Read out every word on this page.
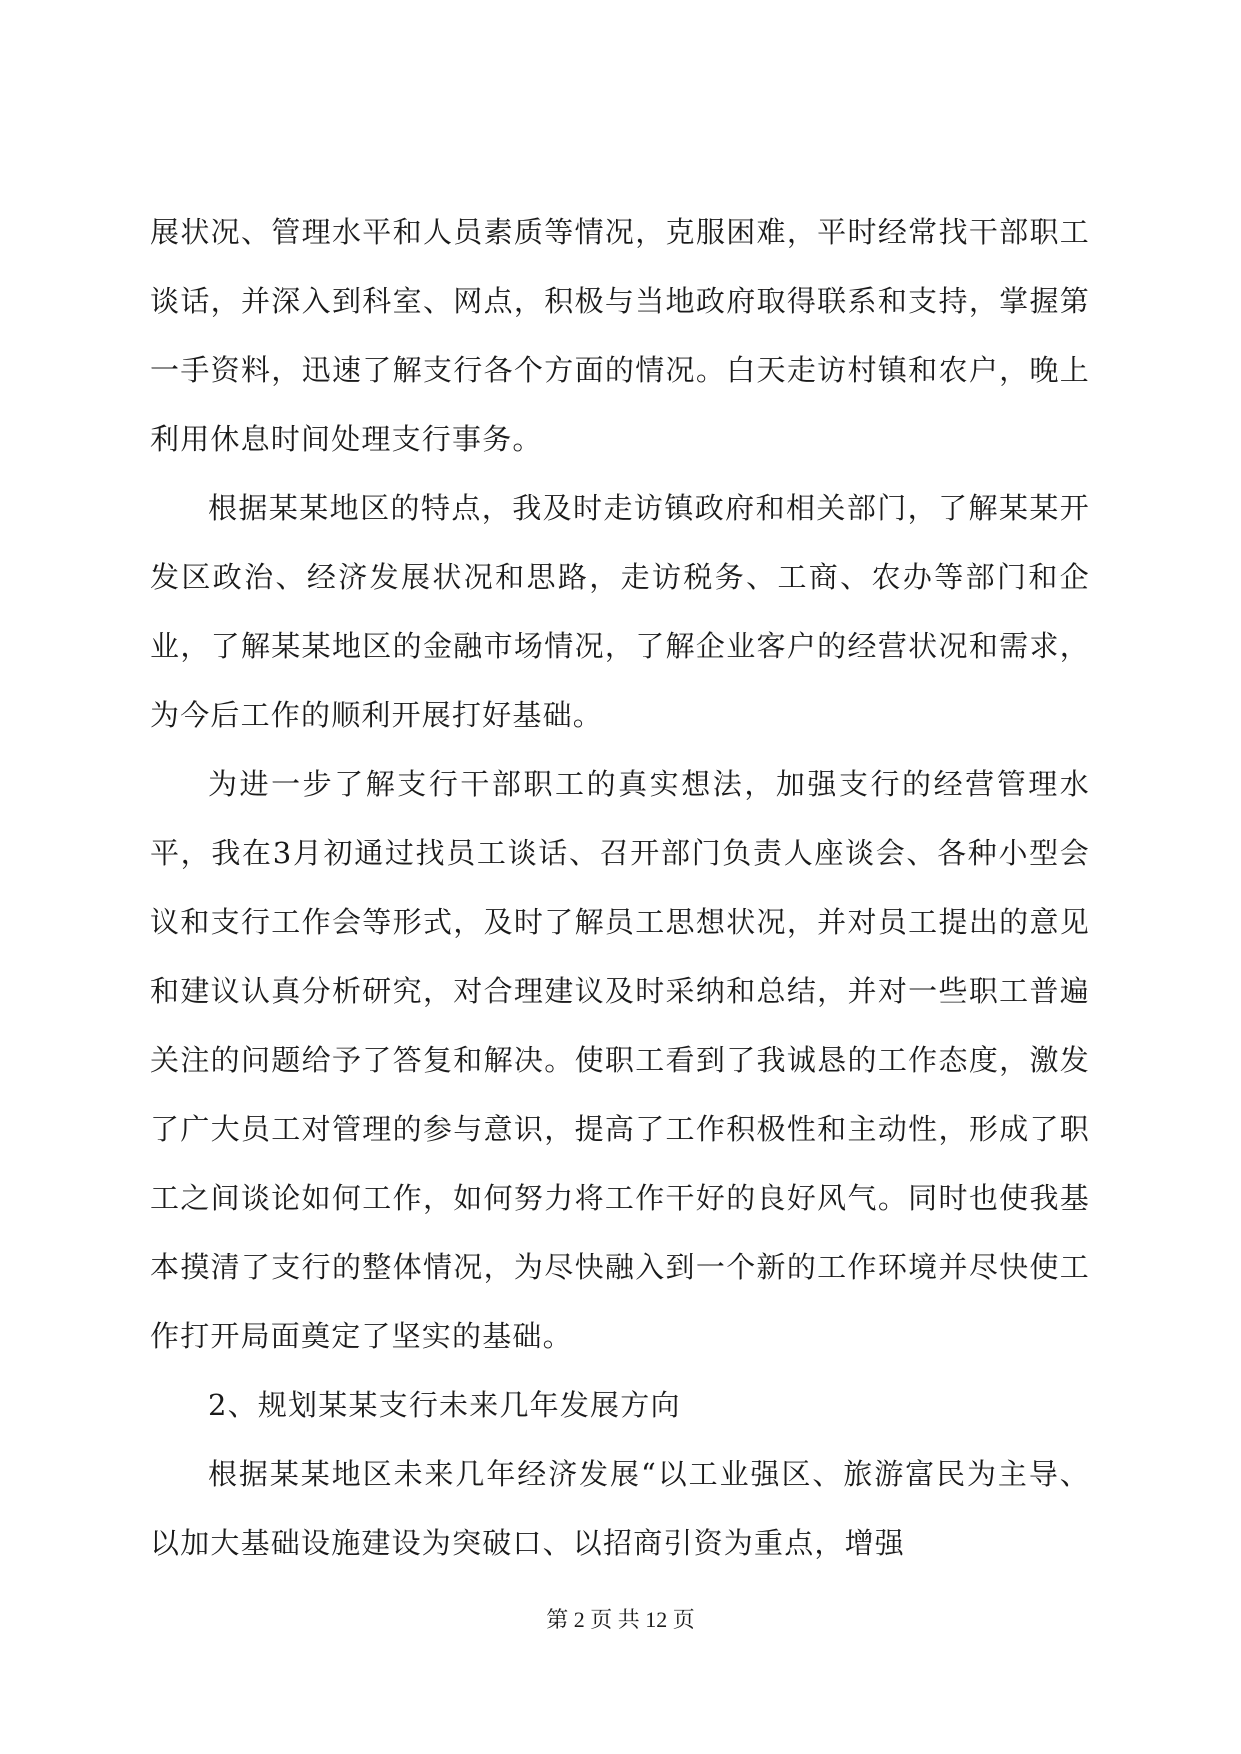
展状况、管理水平和人员素质等情况，克服困难，平时经常找干部职工谈话，并深入到科室、网点，积极与当地政府取得联系和支持，掌握第一手资料，迅速了解支行各个方面的情况。白天走访村镇和农户，晚上利用休息时间处理支行事务。

根据某某地区的特点，我及时走访镇政府和相关部门，了解某某开发区政治、经济发展状况和思路，走访税务、工商、农办等部门和企业，了解某某地区的金融市场情况，了解企业客户的经营状况和需求，为今后工作的顺利开展打好基础。

为进一步了解支行干部职工的真实想法，加强支行的经营管理水平，我在3月初通过找员工谈话、召开部门负责人座谈会、各种小型会议和支行工作会等形式，及时了解员工思想状况，并对员工提出的意见和建议认真分析研究，对合理建议及时采纳和总结，并对一些职工普遍关注的问题给予了答复和解决。使职工看到了我诚恳的工作态度，激发了广大员工对管理的参与意识，提高了工作积极性和主动性，形成了职工之间谈论如何工作，如何努力将工作干好的良好风气。同时也使我基本摸清了支行的整体情况，为尽快融入到一个新的工作环境并尽快使工作打开局面奠定了坚实的基础。

2、规划某某支行未来几年发展方向

根据某某地区未来几年经济发展“以工业强区、旅游富民为主导、以加大基础设施建设为突破口、以招商引资为重点，增强

第 2 页 共 12 页
